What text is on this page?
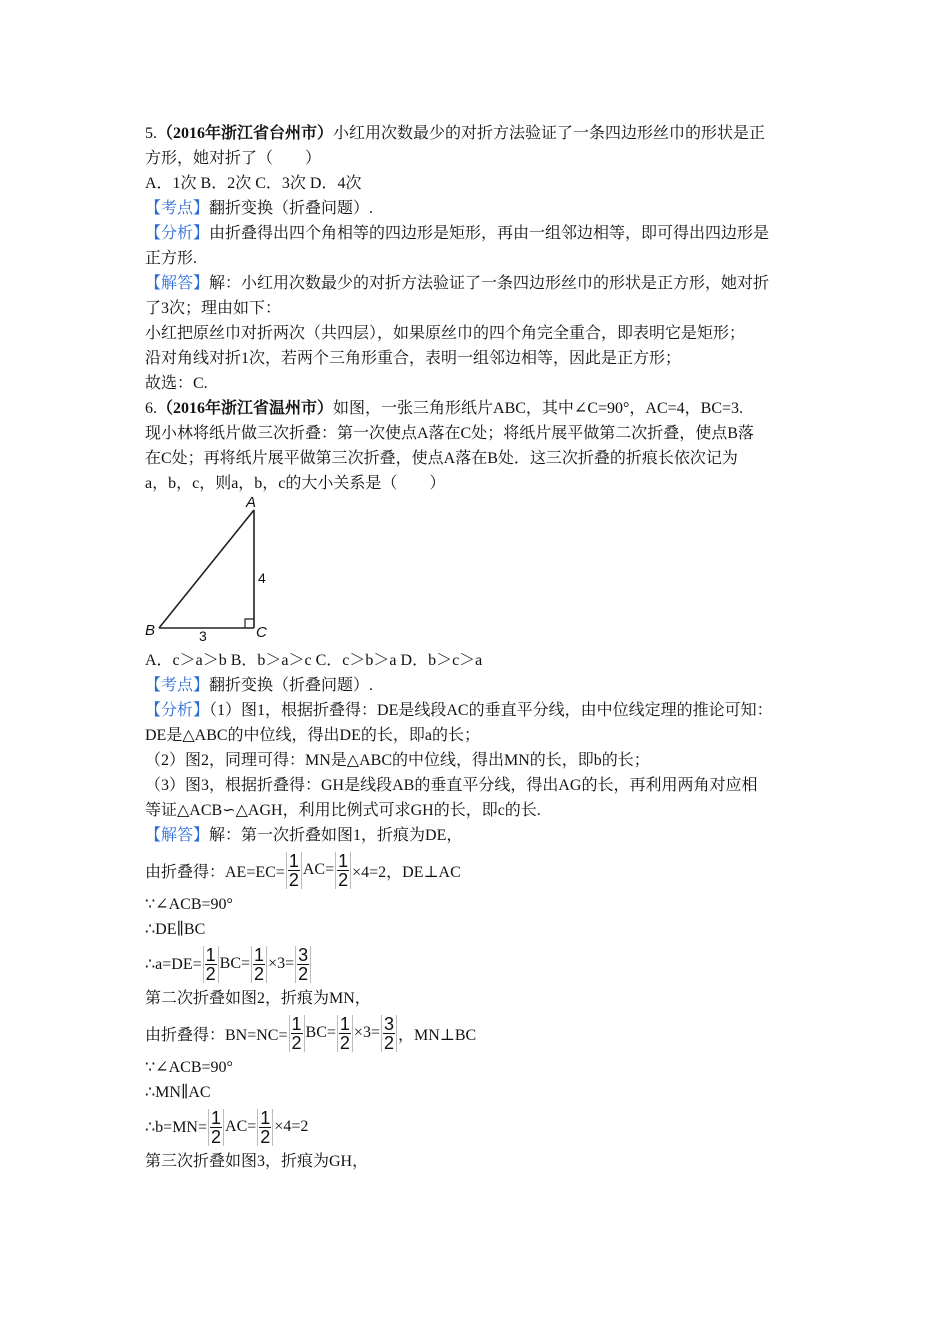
5.（2016年浙江省台州市）小红用次数最少的对折方法验证了一条四边形丝巾的形状是正
方形，她对折了（　　）
A．1次 B．2次 C．3次 D．4次
【考点】翻折变换（折叠问题）.
【分析】由折叠得出四个角相等的四边形是矩形，再由一组邻边相等，即可得出四边形是
正方形.
【解答】解：小红用次数最少的对折方法验证了一条四边形丝巾的形状是正方形，她对折
了3次；理由如下：
小红把原丝巾对折两次（共四层），如果原丝巾的四个角完全重合，即表明它是矩形；
沿对角线对折1次，若两个三角形重合，表明一组邻边相等，因此是正方形；
故选：C.
6.（2016年浙江省温州市）如图，一张三角形纸片ABC，其中∠C=90°，AC=4，BC=3.
现小林将纸片做三次折叠：第一次使点A落在C处；将纸片展平做第二次折叠，使点B落
在C处；再将纸片展平做第三次折叠，使点A落在B处．这三次折叠的折痕长依次记为
a，b，c，则a，b，c的大小关系是（　　）
A
B	C
4
3
A．c＞a＞b B．b＞a＞c C．c＞b＞a D．b＞c＞a
【考点】翻折变换（折叠问题）.
【分析】（1）图1，根据折叠得：DE是线段AC的垂直平分线，由中位线定理的推论可知：
DE是△ABC的中位线，得出DE的长，即a的长；
（2）图2，同理可得：MN是△ABC的中位线，得出MN的长，即b的长；
（3）图3，根据折叠得：GH是线段AB的垂直平分线，得出AG的长，再利用两角对应相
等证△ACB∽△AGH，利用比例式可求GH的长，即c的长.
【解答】解：第一次折叠如图1，折痕为DE，
由折叠得：$AE=EC= \frac{1}{2} AC= \frac{1}{2} \times 4=2$，DE⊥AC
∵∠ACB=90°
∴DE∥BC
∴a=DE= $\frac{1}{2} BC= \frac{1}{2} \times 3= \frac{3}{2}$
第二次折叠如图2，折痕为MN，
由折叠得：$BN=NC= \frac{1}{2} BC= \frac{1}{2} \times 3= \frac{3}{2}$ ，MN⊥BC
∵∠ACB=90°
∴MN∥AC
∴b=MN= $\frac{1}{2} AC= \frac{1}{2} \times 4=2$
第三次折叠如图3，折痕为GH，
